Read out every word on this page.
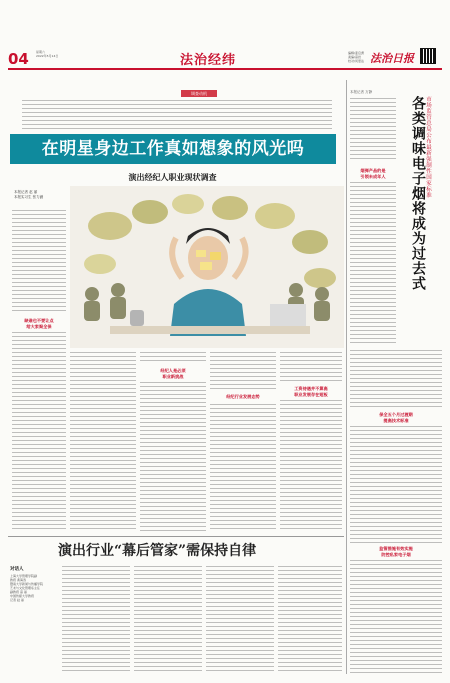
04 星期六
2022年5月14日	法治经纬	编辑/姜启源
美编/高岩
校对/何更法 法治日报
调查动机
在明星身边工作真如想象的风光吗
演出经纪人职业现状调查
本报记者 赵 丽
本报实习生 张力涵
缺谁也不要让点
给大家聚全保
经纪人是必须
职业新挑战
经纪行业发展态势
工资待遇并不算高
职业发展存在短板
演出行业“幕后管家”需保持自律
对话人
上海大学管理学院副
教授 黄海涛
暨南大学新闻与传播学院
艺术与文化管理系主任
副教授 高 丽
中国传媒大学教授
记者 赵 丽
本报记者 万静
烟弹产品的是
引领未成年人	市场监管总局公布最新强制性国家标准
各类调味电子烟将成为过去式
保全五个月过渡期
提高技术标准
监管措施有效实施
防控私家电子烟
